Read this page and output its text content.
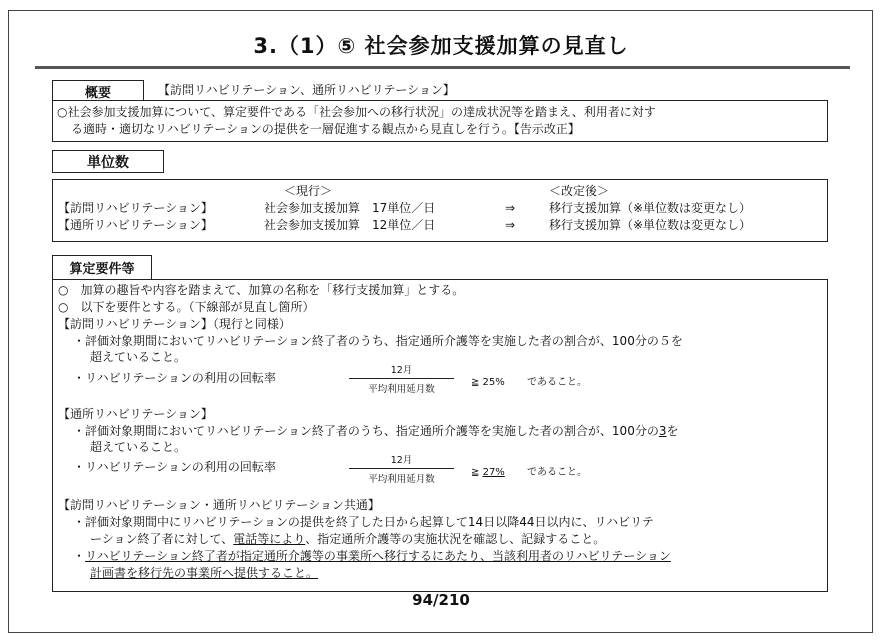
3.（1）⑤ 社会参加支援加算の見直し
概要	【訪問リハビリテーション、通所リハビリテーション】
○社会参加支援加算について、算定要件である「社会参加への移行状況」の達成状況等を踏まえ、利用者に対す
る適時・適切なリハビリテーションの提供を一層促進する観点から見直しを行う。【告示改正】
単位数
＜現行＞	＜改定後＞
【訪問リハビリテーション】	社会参加支援加算　17単位／日	⇒	移行支援加算（※単位数は変更なし）
【通所リハビリテーション】	社会参加支援加算　12単位／日	⇒	移行支援加算（※単位数は変更なし）
算定要件等
○　加算の趣旨や内容を踏まえて、加算の名称を「移行支援加算」とする。
○　以下を要件とする。（下線部が見直し箇所）
【訪問リハビリテーション】（現行と同様）
・評価対象期間においてリハビリテーション終了者のうち、指定通所介護等を実施した者の割合が、100分の５を
超えていること。
・リハビリテーションの利用の回転率
12月
平均利用延月数
≧ 25% であること。
【通所リハビリテーション】
・評価対象期間においてリハビリテーション終了者のうち、指定通所介護等を実施した者の割合が、100分の3を
超えていること。
・リハビリテーションの利用の回転率	12月
平均利用延月数
≧ 27% であること。
【訪問リハビリテーション・通所リハビリテーション共通】
・評価対象期間中にリハビリテーションの提供を終了した日から起算して14日以降44日以内に、リハビリテ
ーション終了者に対して、電話等により、指定通所介護等の実施状況を確認し、記録すること。
・リハビリテーション終了者が指定通所介護等の事業所へ移行するにあたり、当該利用者のリハビリテーション
計画書を移行先の事業所へ提供すること。
94/210
